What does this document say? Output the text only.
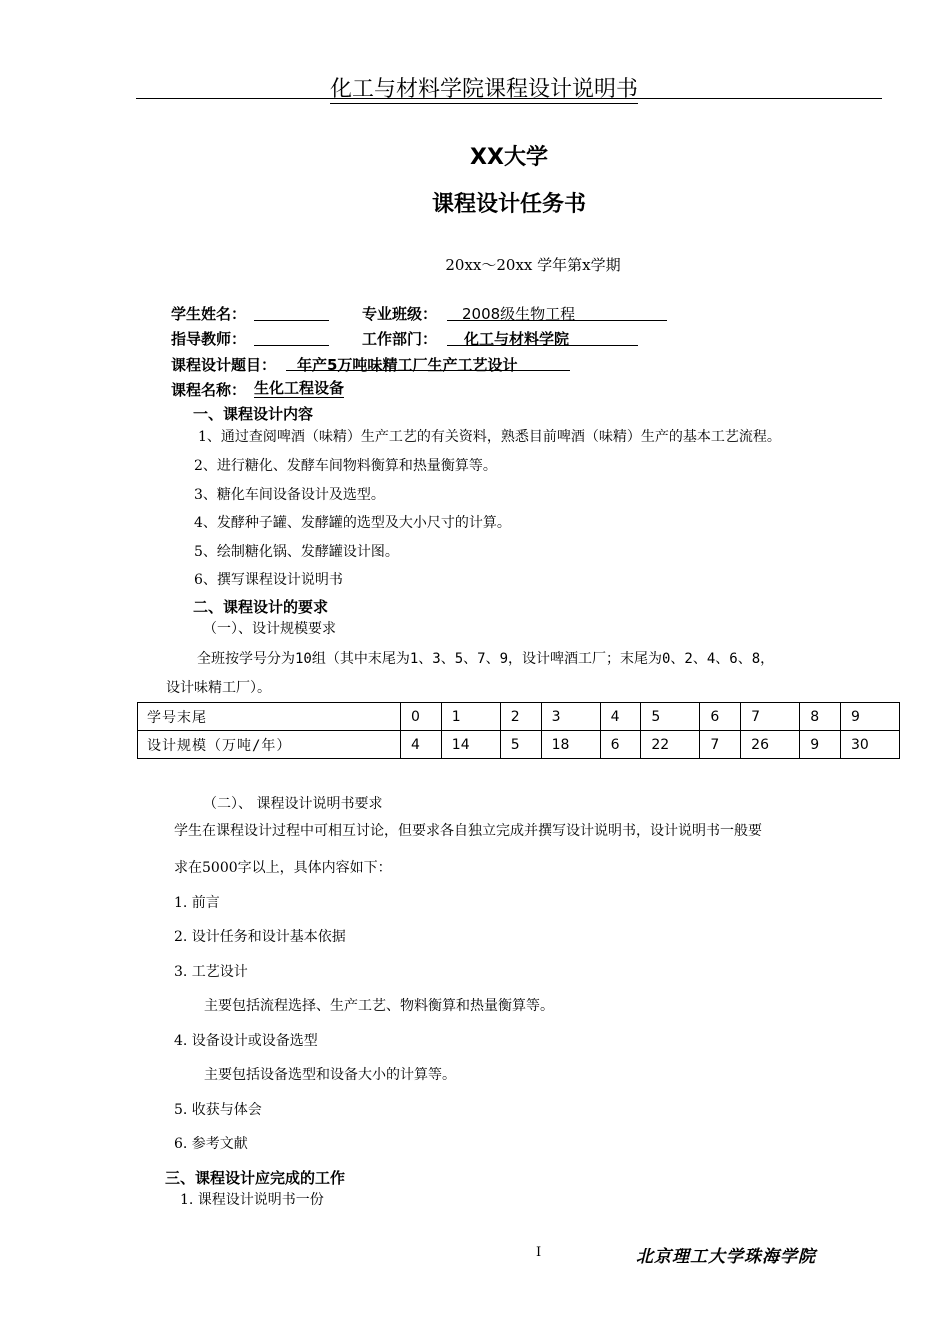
化工与材料学院课程设计说明书
XX大学
课程设计任务书
20xx～20xx 学年第x学期
学生姓名：	专业班级： 2008级生物工程
指导教师：	工作部门： 化工与材料学院
课程设计题目： 年产5万吨味精工厂生产工艺设计
课程名称： 生化工程设备
一、课程设计内容
1、通过查阅啤酒（味精）生产工艺的有关资料，熟悉目前啤酒（味精）生产的基本工艺流程。
2、进行糖化、发酵车间物料衡算和热量衡算等。
3、糖化车间设备设计及选型。
4、发酵种子罐、发酵罐的选型及大小尺寸的计算。
5、绘制糖化锅、发酵罐设计图。
6、撰写课程设计说明书
二、课程设计的要求
（一）、设计规模要求
全班按学号分为10组（其中末尾为1、3、5、7、9，设计啤酒工厂；末尾为0、2、4、6、8，
设计味精工厂）。
学号末尾	0	1	2	3	4	5	6	7	8	9
设计规模（万吨/年）	4	14	5	18	6	22	7	26	9	30
（二）、 课程设计说明书要求
学生在课程设计过程中可相互讨论，但要求各自独立完成并撰写设计说明书，设计说明书一般要
求在5000字以上，具体内容如下：
1. 前言
2. 设计任务和设计基本依据
3. 工艺设计
主要包括流程选择、生产工艺、物料衡算和热量衡算等。
4. 设备设计或设备选型
主要包括设备选型和设备大小的计算等。
5. 收获与体会
6. 参考文献
三、课程设计应完成的工作
1. 课程设计说明书一份
I	北京理工大学珠海学院
